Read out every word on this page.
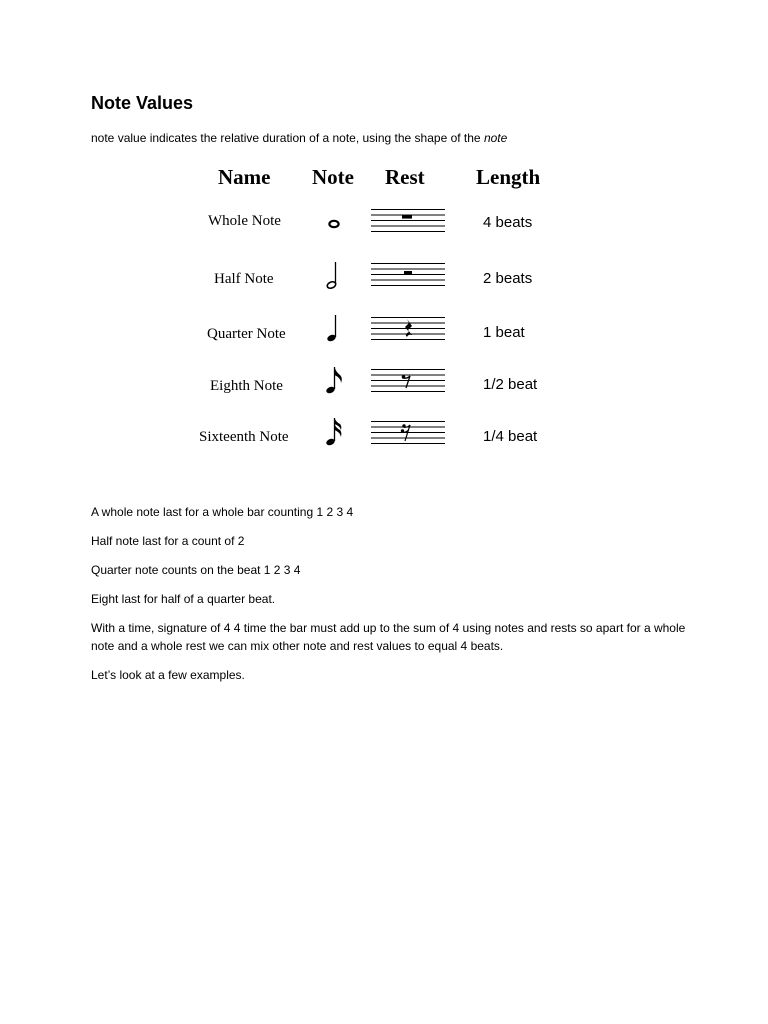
Note Values

note value indicates the relative duration of a note, using the shape of the note

Name Note Rest Length
Whole Note	4 beats
Half Note	2 beats
Quarter Note	1 beat
Eighth Note	1/2 beat
Sixteenth Note	1/4 beat

A whole note last for a whole bar counting 1 2 3 4

Half note last for a count of 2

Quarter note counts on the beat 1 2 3 4

Eight last for half of a quarter beat.

With a time, signature of 4 4 time the bar must add up to the sum of 4 using notes and rests so apart for a whole note and a whole rest we can mix other note and rest values to equal 4 beats.

Let’s look at a few examples.
